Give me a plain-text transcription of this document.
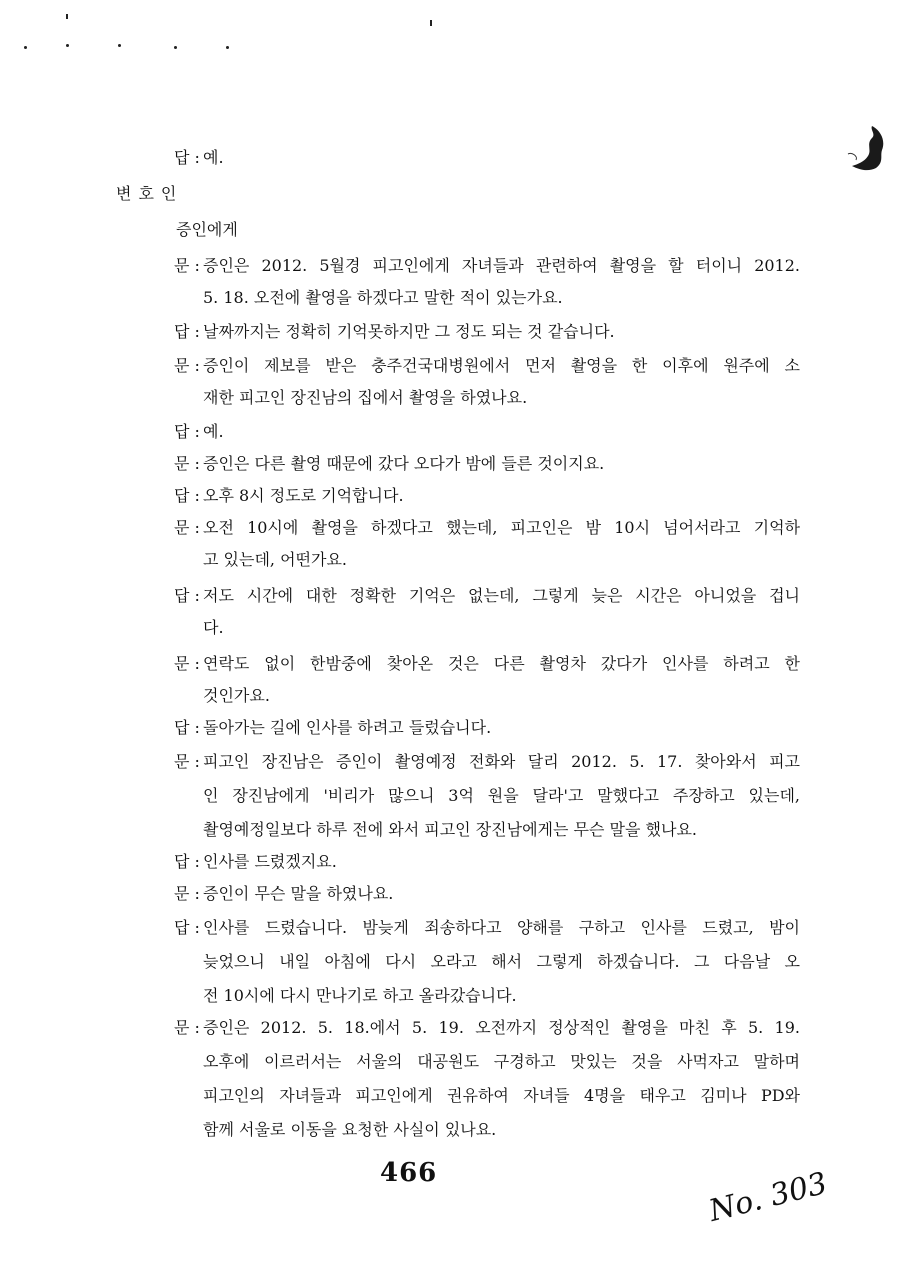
답 : 예.
변호인
증인에게
문 : 증인은 2012. 5월경 피고인에게 자녀들과 관련하여 촬영을 할 터이니 2012.
5. 18. 오전에 촬영을 하겠다고 말한 적이 있는가요.
답 : 날짜까지는 정확히 기억못하지만 그 정도 되는 것 같습니다.
문 : 증인이 제보를 받은 충주건국대병원에서 먼저 촬영을 한 이후에 원주에 소
재한 피고인 장진남의 집에서 촬영을 하였나요.
답 : 예.
문 : 증인은 다른 촬영 때문에 갔다 오다가 밤에 들른 것이지요.
답 : 오후 8시 정도로 기억합니다.
문 : 오전 10시에 촬영을 하겠다고 했는데, 피고인은 밤 10시 넘어서라고 기억하
고 있는데, 어떤가요.
답 : 저도 시간에 대한 정확한 기억은 없는데, 그렇게 늦은 시간은 아니었을 겁니
다.
문 : 연락도 없이 한밤중에 찾아온 것은 다른 촬영차 갔다가 인사를 하려고 한
것인가요.
답 : 돌아가는 길에 인사를 하려고 들렀습니다.
문 : 피고인 장진남은 증인이 촬영예정 전화와 달리 2012. 5. 17. 찾아와서 피고
인 장진남에게 '비리가 많으니 3억 원을 달라'고 말했다고 주장하고 있는데,
촬영예정일보다 하루 전에 와서 피고인 장진남에게는 무슨 말을 했나요.
답 : 인사를 드렸겠지요.
문 : 증인이 무슨 말을 하였나요.
답 : 인사를 드렸습니다. 밤늦게 죄송하다고 양해를 구하고 인사를 드렸고, 밤이
늦었으니 내일 아침에 다시 오라고 해서 그렇게 하겠습니다. 그 다음날 오
전 10시에 다시 만나기로 하고 올라갔습니다.
문 : 증인은 2012. 5. 18.에서 5. 19. 오전까지 정상적인 촬영을 마친 후 5. 19.
오후에 이르러서는 서울의 대공원도 구경하고 맛있는 것을 사먹자고 말하며
피고인의 자녀들과 피고인에게 권유하여 자녀들 4명을 태우고 김미나 PD와
함께 서울로 이동을 요청한 사실이 있나요.
466	No. 303
